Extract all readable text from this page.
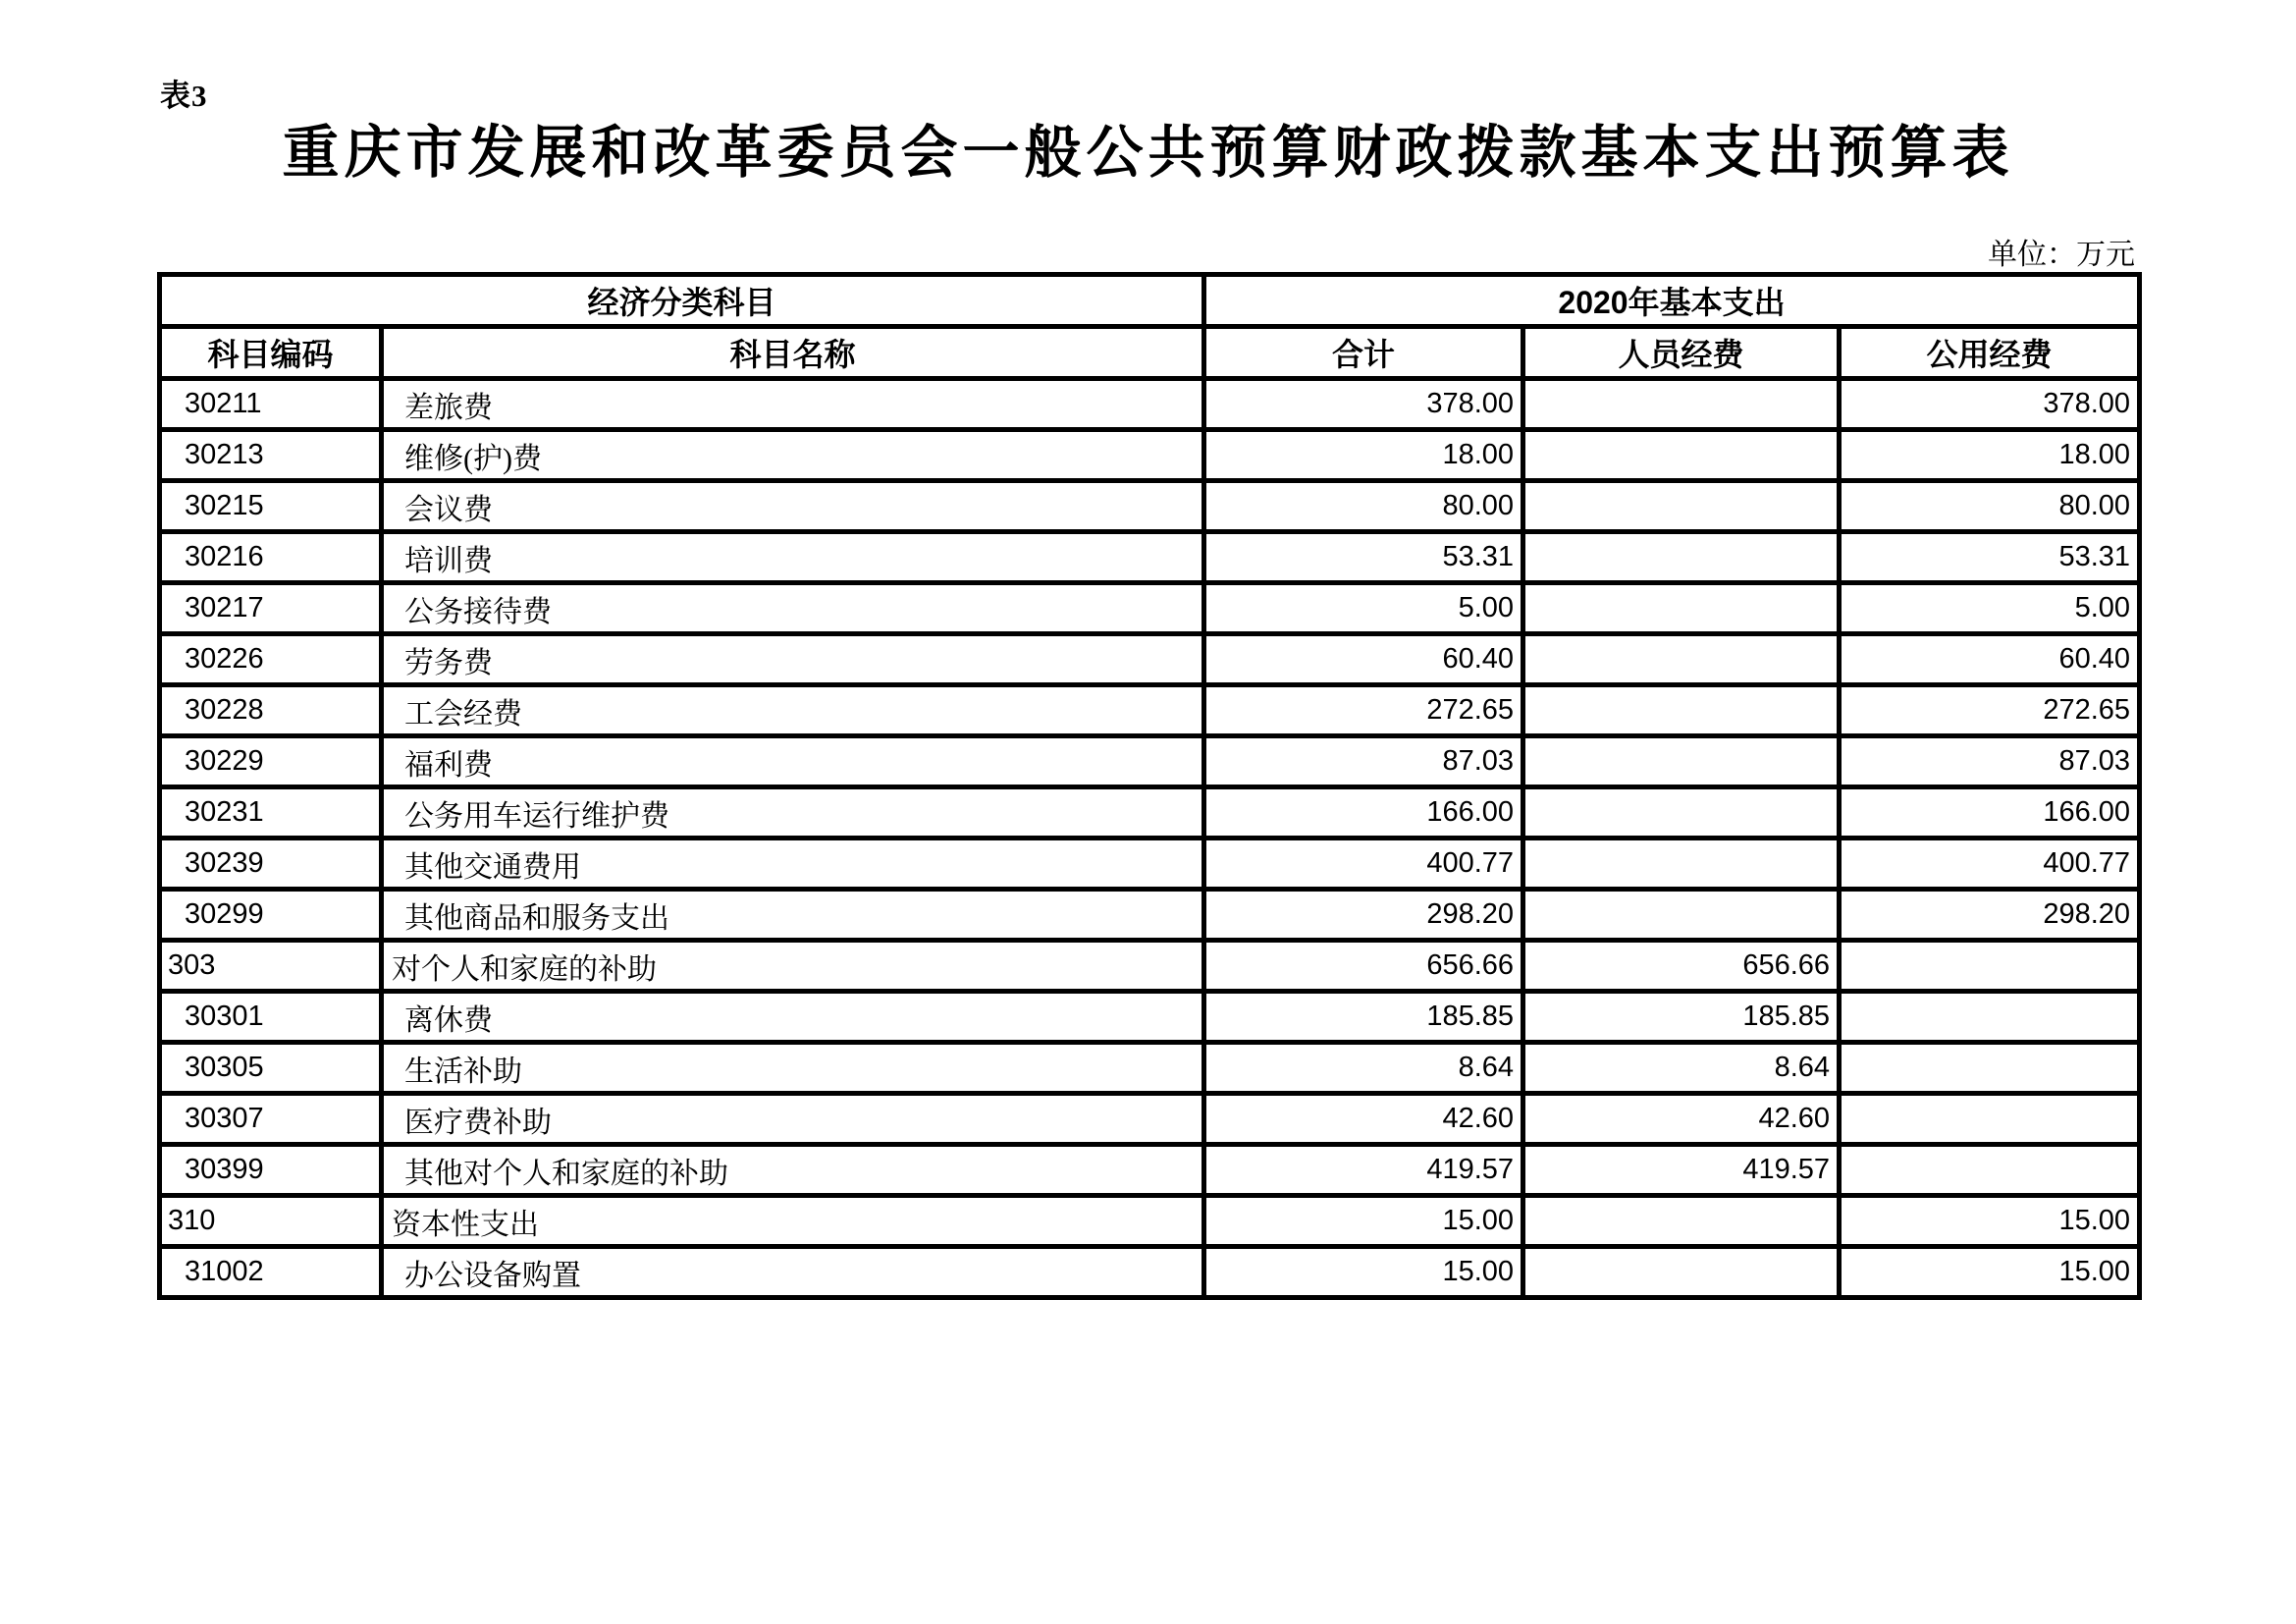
表3
重庆市发展和改革委员会一般公共预算财政拨款基本支出预算表
单位：万元
经济分类科目		2020年基本支出		
科目编码	科目名称	合计	人员经费	公用经费
30211	差旅费	378.00		378.00
30213	维修(护)费	18.00		18.00
30215	会议费	80.00		80.00
30216	培训费	53.31		53.31
30217	公务接待费	5.00		5.00
30226	劳务费	60.40		60.40
30228	工会经费	272.65		272.65
30229	福利费	87.03		87.03
30231	公务用车运行维护费	166.00		166.00
30239	其他交通费用	400.77		400.77
30299	其他商品和服务支出	298.20		298.20
303	对个人和家庭的补助	656.66	656.66	
30301	离休费	185.85	185.85	
30305	生活补助	8.64	8.64	
30307	医疗费补助	42.60	42.60	
30399	其他对个人和家庭的补助	419.57	419.57	
310	资本性支出	15.00		15.00
31002	办公设备购置	15.00		15.00
